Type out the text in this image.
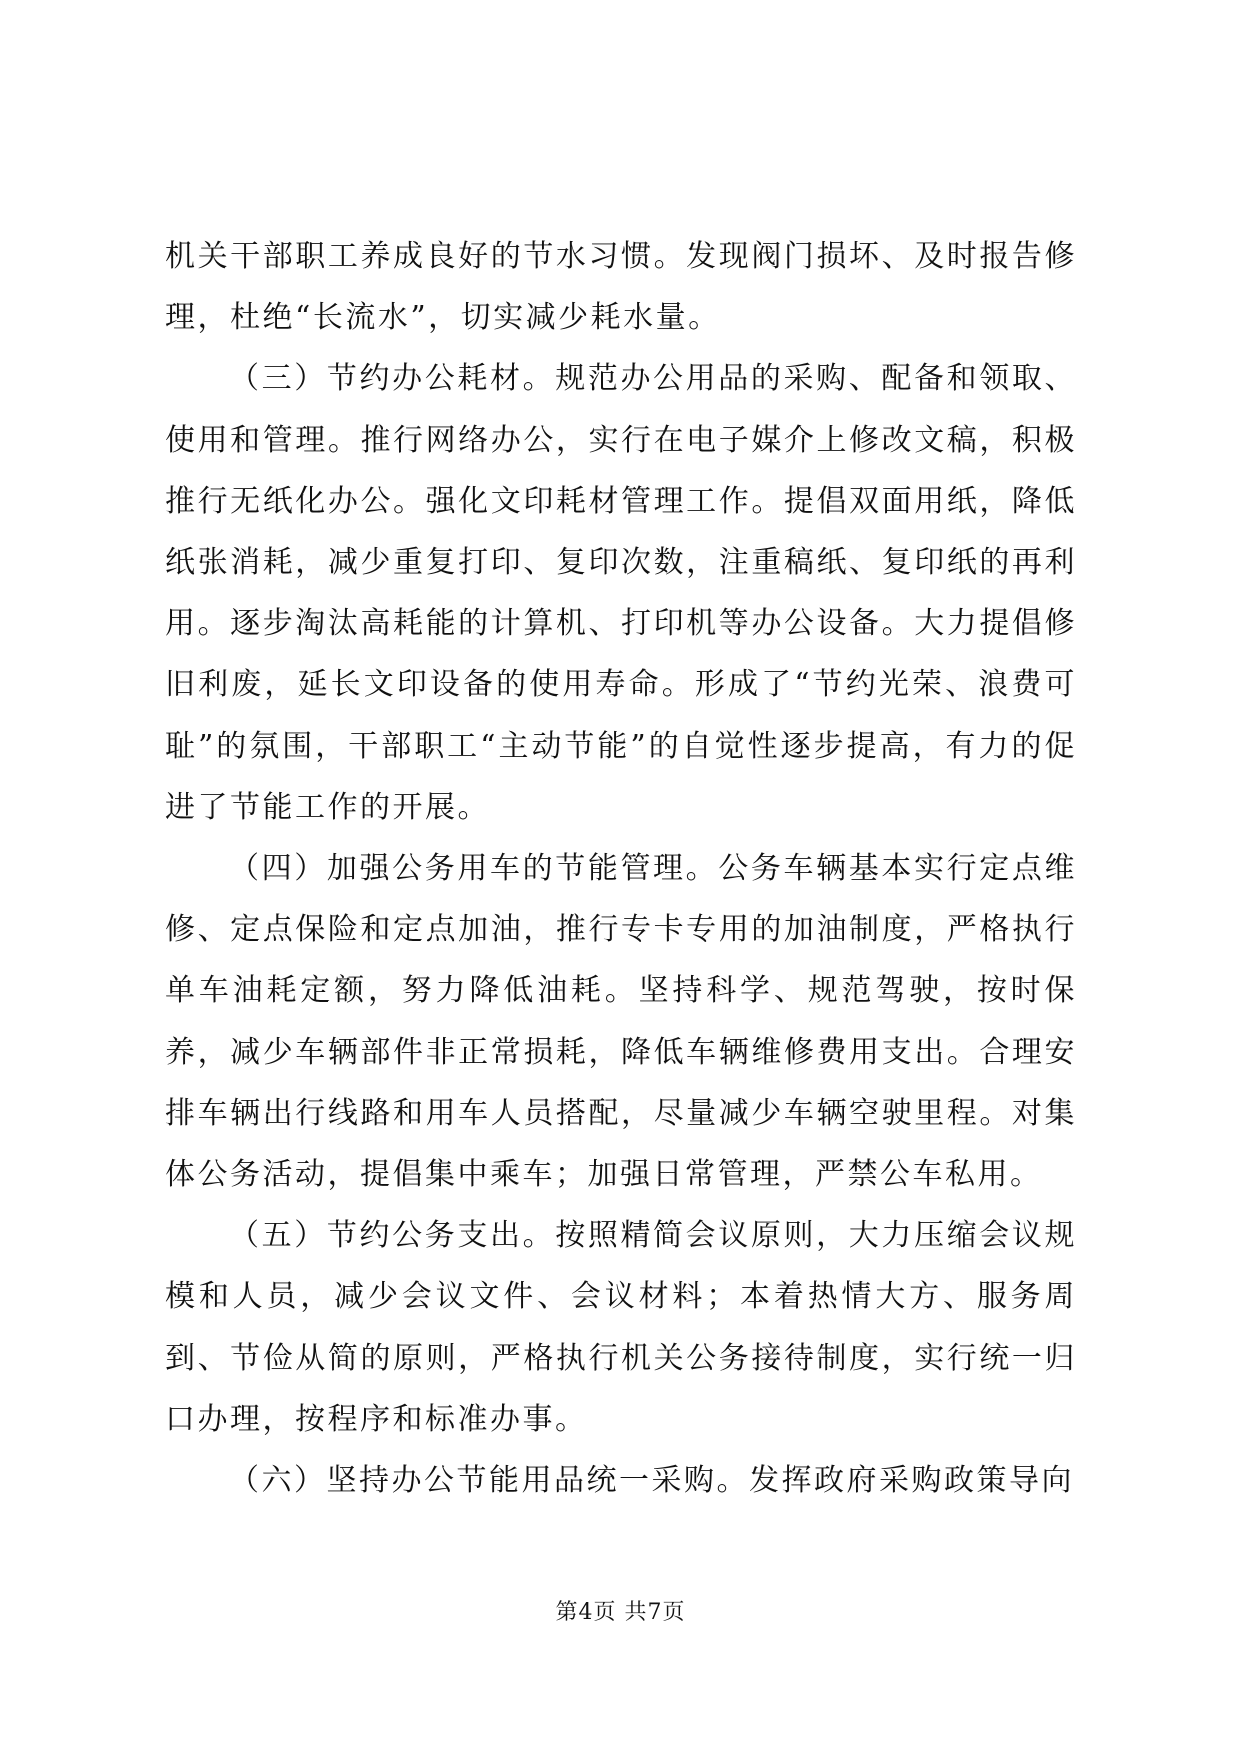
机关干部职工养成良好的节水习惯。发现阀门损坏、及时报告修理，杜绝“长流水”，切实减少耗水量。

（三）节约办公耗材。规范办公用品的采购、配备和领取、使用和管理。推行网络办公，实行在电子媒介上修改文稿，积极推行无纸化办公。强化文印耗材管理工作。提倡双面用纸，降低纸张消耗，减少重复打印、复印次数，注重稿纸、复印纸的再利用。逐步淘汰高耗能的计算机、打印机等办公设备。大力提倡修旧利废，延长文印设备的使用寿命。形成了“节约光荣、浪费可耻”的氛围，干部职工“主动节能”的自觉性逐步提高，有力的促进了节能工作的开展。

（四）加强公务用车的节能管理。公务车辆基本实行定点维修、定点保险和定点加油，推行专卡专用的加油制度，严格执行单车油耗定额，努力降低油耗。坚持科学、规范驾驶，按时保养，减少车辆部件非正常损耗，降低车辆维修费用支出。合理安排车辆出行线路和用车人员搭配，尽量减少车辆空驶里程。对集体公务活动，提倡集中乘车；加强日常管理，严禁公车私用。

（五）节约公务支出。按照精简会议原则，大力压缩会议规模和人员，减少会议文件、会议材料；本着热情大方、服务周到、节俭从简的原则，严格执行机关公务接待制度，实行统一归口办理，按程序和标准办事。

（六）坚持办公节能用品统一采购。发挥政府采购政策导向

第4页 共7页
